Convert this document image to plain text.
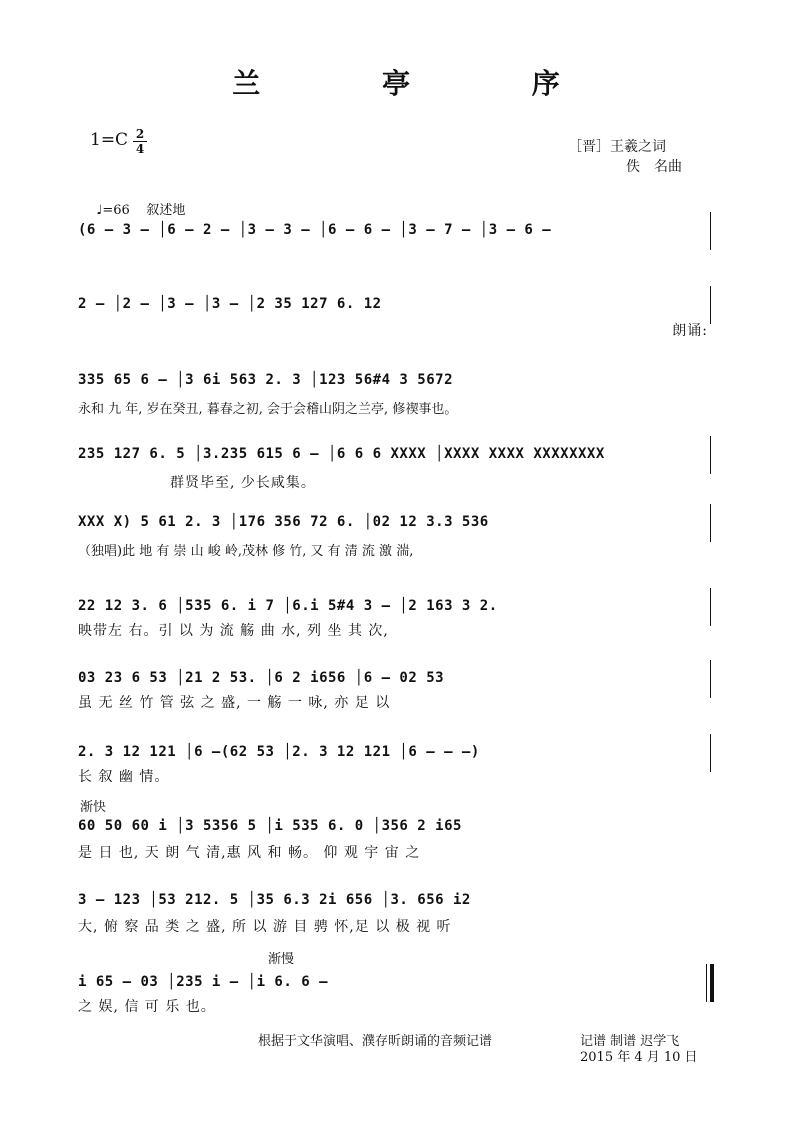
兰 亭 序
1=C 2
4	［晋］王羲之词
佚　名曲

♩=66 叙述地

(6 – 3 – │6 – 2 – │3 – 3 – │6 – 6 – │3 – 7 – │3 – 6 –
2 – │2 – │3 – │3 – │2 35 127 6. 12
朗诵:
335 65 6 – │3 6i 563 2. 3 │123 56#4 3 5672
永和 九 年, 岁在癸丑, 暮春之初, 会于会稽山阴之兰亭, 修禊事也。
235 127 6. 5 │3.235 615 6 – │6 6 6 XXXX │XXXX XXXX XXXXXXXX
群贤毕至, 少长咸集。
XXX X) 5 61 2. 3 │176 356 72 6. │02 12 3.3 536
（独唱)此 地 有 崇 山 峻 岭,茂林 修 竹, 又 有 清 流 激 湍,
22 12 3. 6 │535 6. i 7 │6.i 5#4 3 – │2 163 3 2.
映带左 右。引 以 为 流 觞 曲 水, 列 坐 其 次,
03 23 6 53 │21 2 53. │6 2 i656 │6 – 02 53
虽 无 丝 竹 管 弦 之 盛, 一 觞 一 咏, 亦 足 以
2. 3 12 121 │6 –(62 53 │2. 3 12 121 │6 – – –)
长 叙 幽 情。
渐快
60 50 60 i │3 5356 5 │i 535 6. 0 │356 2 i65
是 日 也, 天 朗 气 清,惠 风 和 畅。 仰 观 宇 宙 之
3 – 123 │53 212. 5 │35 6.3 2i 656 │3. 656 i2
大, 俯 察 品 类 之 盛, 所 以 游 目 骋 怀,足 以 极 视 听
渐慢
i 65 – 03 │235 i – │i 6. 6 –
之 娱, 信 可 乐 也。
根据于文华演唱、濮存昕朗诵的音频记谱	记谱 制谱 迟学飞
2015 年 4 月 10 日
